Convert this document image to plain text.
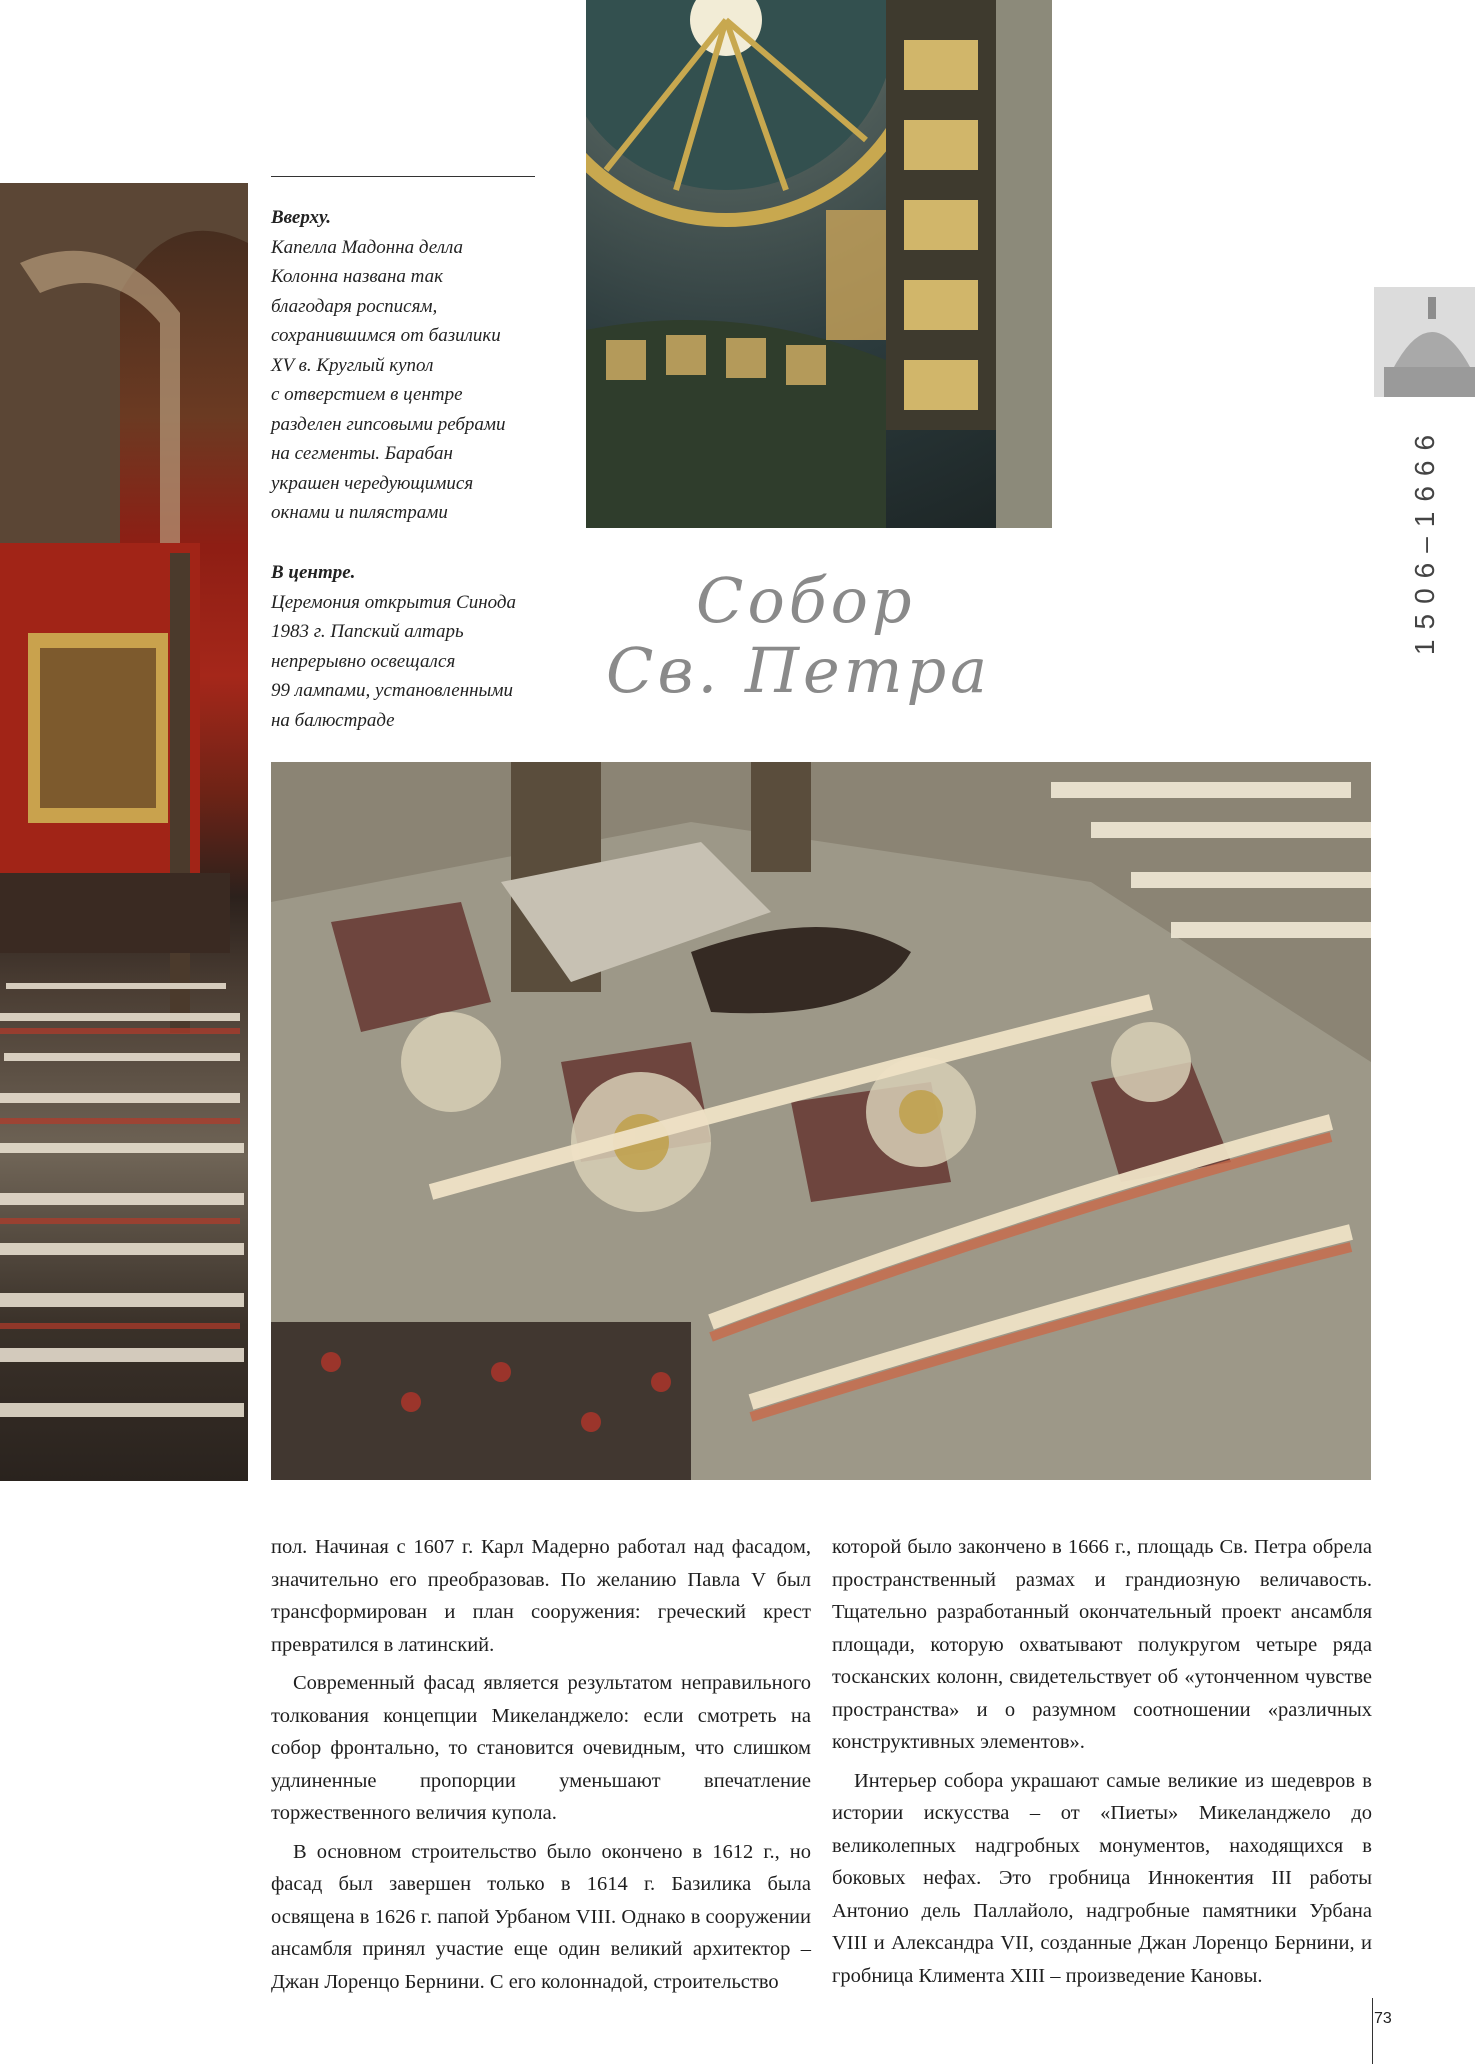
Вверху.
Капелла Мадонна делла
Колонна названа так
благодаря росписям,
сохранившимся от базилики
XV в. Круглый купол
с отверстием в центре
разделен гипсовыми ребрами
на сегменты. Барабан
украшен чередующимися
окнами и пилястрами
В центре.
Церемония открытия Синода
1983 г. Папский алтарь
непрерывно освещался
99 лампами, установленными
на балюстраде
Собор
Св. Петра
1506–1666

пол. Начиная с 1607 г. Карл Мадерно работал над фасадом, значительно его преобразовав. По желанию Павла V был трансформирован и план сооружения: греческий крест превратился в латинский.

Современный фасад является результатом неправильного толкования концепции Микеланджело: если смотреть на собор фронтально, то становится очевидным, что слишком удлиненные пропорции уменьшают впечатление торжественного величия купола.

В основном строительство было окончено в 1612 г., но фасад был завершен только в 1614 г. Базилика была освящена в 1626 г. папой Урбаном VIII. Однако в сооружении ансамбля принял участие еще один великий архитектор – Джан Лоренцо Бернини. С его колоннадой, строительство

которой было закончено в 1666 г., площадь Св. Петра обрела пространственный размах и грандиозную величавость. Тщательно разработанный окончательный проект ансамбля площади, которую охватывают полукругом четыре ряда тосканских колонн, свидетельствует об «утонченном чувстве пространства» и о разумном соотношении «различных конструктивных элементов».

Интерьер собора украшают самые великие из шедевров в истории искусства – от «Пиеты» Микеланджело до великолепных надгробных монументов, находящихся в боковых нефах. Это гробница Иннокентия III работы Антонио дель Паллайоло, надгробные памятники Урбана VIII и Александра VII, созданные Джан Лоренцо Бернини, и гробница Климента XIII – произведение Кановы.

73
